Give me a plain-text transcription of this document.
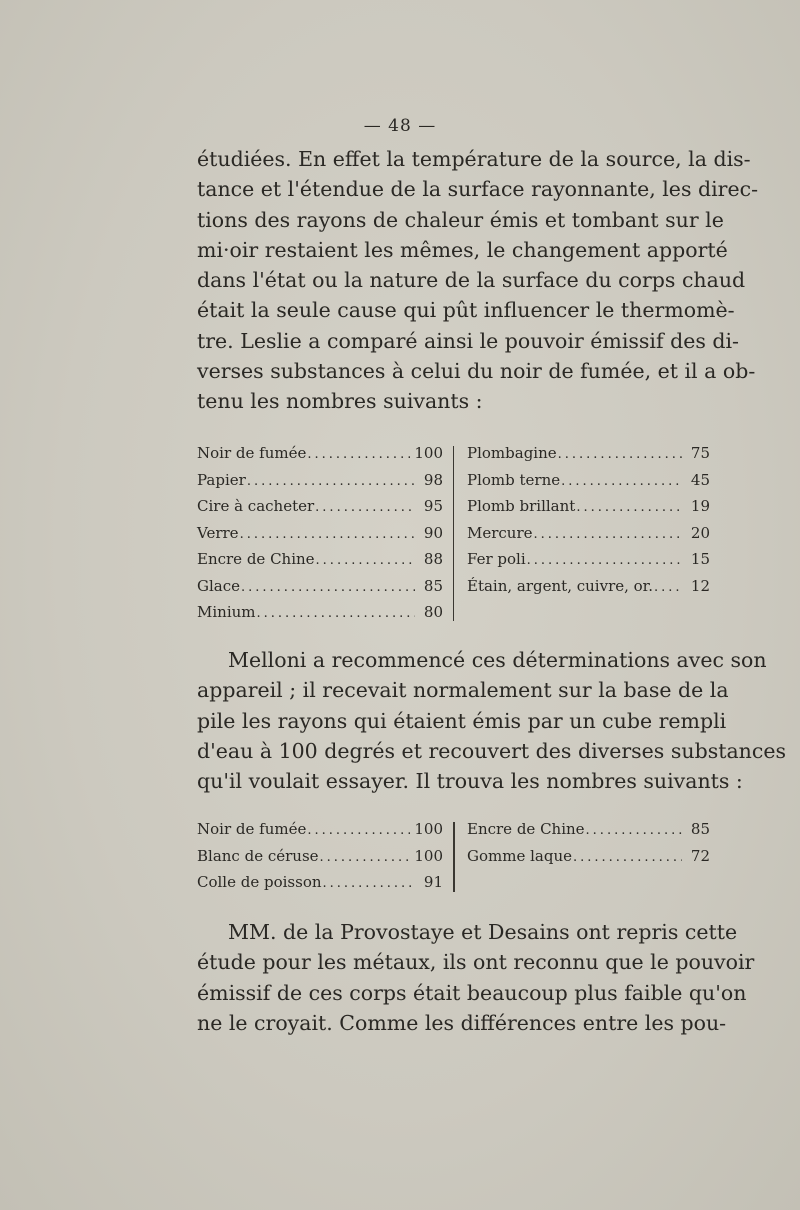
— 48 —

étudiées. En effet la température de la source, la dis-
tance et l'étendue de la surface rayonnante, les direc-
tions des rayons de chaleur émis et tombant sur le
mi·oir restaient les mêmes, le changement apporté
dans l'état ou la nature de la surface du corps chaud
était la seule cause qui pût influencer le thermomè-
tre. Leslie a comparé ainsi le pouvoir émissif des di-
verses substances à celui du noir de fumée, et il a ob-
tenu les nombres suivants :

Noir de fumée .....	100
Papier .....	98
Cire à cacheter .....	95
Verre .....	90
Encre de Chine .....	88
Glace .....	85
Minium .....	80
Plombagine .....	75
Plomb terne .....	45
Plomb brillant .....	19
Mercure .....	20
Fer poli .....	15
Étain, argent, cuivre, or. .....	12

Melloni a recommencé ces déterminations avec son
appareil ; il recevait normalement sur la base de la
pile les rayons qui étaient émis par un cube rempli
d'eau à 100 degrés et recouvert des diverses substances
qu'il voulait essayer. Il trouva les nombres suivants :

Noir de fumée .....	100
Blanc de céruse .....	100
Colle de poisson .....	91
Encre de Chine .....	85
Gomme laque .....	72

MM. de la Provostaye et Desains ont repris cette
étude pour les métaux, ils ont reconnu que le pouvoir
émissif de ces corps était beaucoup plus faible qu'on
ne le croyait. Comme les différences entre les pou-
